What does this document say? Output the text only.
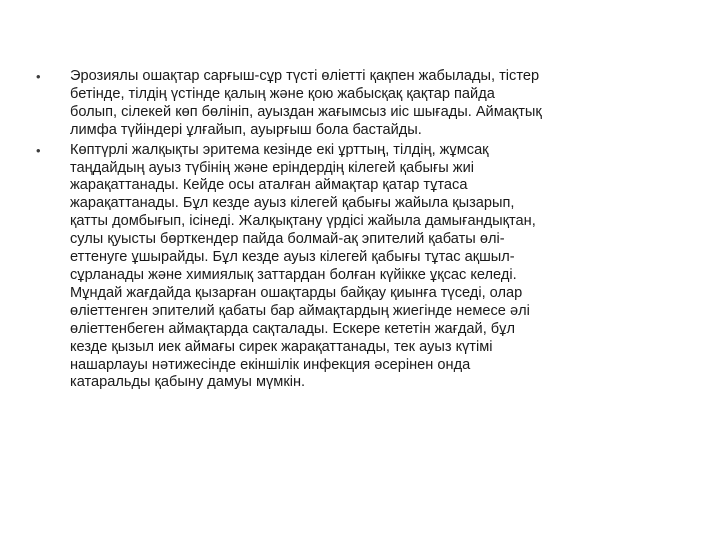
•	Эрозиялы ошақтар сарғыш-сұр түсті өліетті қақпен жабылады, тістер
бетінде, тілдің үстінде қалың және қою жабысқақ қақтар пайда
болып, сілекей көп бөлініп, ауыздан жағымсыз иіс шығады. Аймақтық
лимфа түйіндері ұлғайып, ауырғыш бола бастайды.
•	Көптүрлі жалқықты эритема кезінде екі ұрттың, тілдің, жұмсақ
таңдайдың ауыз түбінің және еріндердің кілегей қабығы жиі
жарақаттанады. Кейде осы аталған аймақтар қатар тұтаса
жарақаттанады. Бұл кезде ауыз кілегей қабығы жайыла қызарып,
қатты домбығып, ісінеді. Жалқықтану үрдісі жайыла дамығандықтан,
сулы қуысты бөрткендер пайда болмай-ақ эпителий қабаты өлі-
еттенуге ұшырайды. Бұл кезде ауыз кілегей қабығы тұтас ақшыл-
сұрланады және химиялық заттардан болған күйікке ұқсас келеді.
Мұндай жағдайда қызарған ошақтарды байқау қиынға түседі, олар
өліеттенген эпителий қабаты бар аймақтардың жиегінде немесе әлі
өліеттенбеген аймақтарда сақталады. Ескере кететін жағдай, бұл
кезде қызыл иек аймағы сирек жарақаттанады, тек ауыз күтімі
нашарлауы нәтижесінде екіншілік инфекция әсерінен онда
катаральды қабыну дамуы мүмкін.
